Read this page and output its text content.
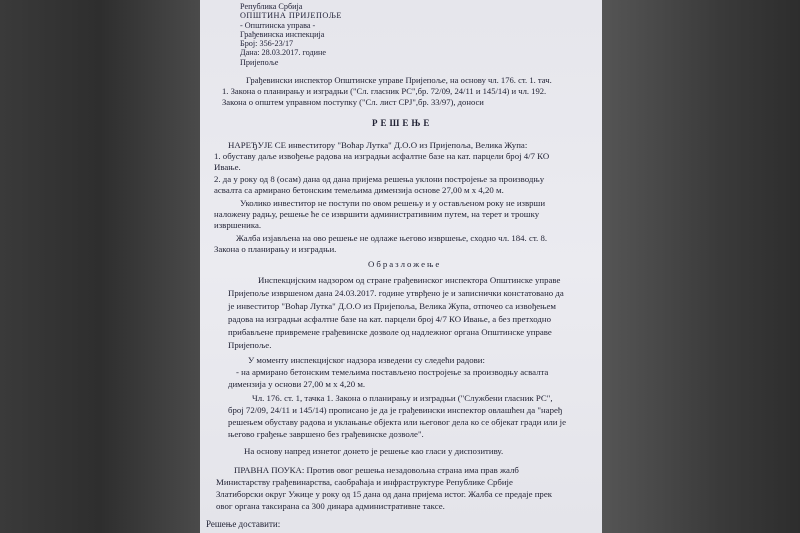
Република Србија
ОПШТИНА ПРИЈЕПОЉЕ
- Општинска управа -
Грађевинска инспекција
Број: 356-23/17
Дана: 28.03.2017. године
Пријепоље
Грађевински инспектор Општинске управе Пријепоље, на основу чл. 176. ст. 1. тач.
1. Закона о планирању и изградњи ("Сл. гласник РС",бр. 72/09, 24/11 и 145/14) и чл. 192.
Закона о општем управном поступку ("Сл. лист СРЈ",бр. 33/97), доноси
РЕШЕЊЕ
НАРЕЂУЈЕ СЕ инвеститору "Воћар Лутка" Д.О.О из Пријепоља, Велика Жупа:
1. обуставу даље извођење радова на изградњи асфалтне базе на кат. парцели број 4/7 КО
Ивање.
2. да у року од 8 (осам) дана од дана пријема решења уклони постројење за производњу
асвалта са армирано бетонским темељима димензија основе 27,00 м х 4,20 м.
Уколико инвеститор не поступи по овом решењу и у остављеном року не изврши
наложену радњу, решење ће се извршити административним путем, на терет и трошку
извршеника.
Жалба изјављена на ово решење не одлаже његово извршење, сходно чл. 184. ст. 8.
Закона о планирању и изградњи.
Образложење
Инспекцијским надзором од стране грађевинског инспектора Општинске управе
Пријепоље извршеном дана 24.03.2017. године утврђено је и записнички констатовано да
је инвеститор "Воћар Лутка" Д.О.О из Пријепоља, Велика Жупа, отпочео са извођењем
радова на изградњи асфалтне базе на кат. парцели број 4/7 КО Ивање, а без претходно
прибављене привремене грађевинске дозволе од надлежног органа Општинске управе
Пријепоље.
У моменту инспекцијског надзора изведени су следећи радови:
- на армирано бетонским темељима постављено постројење за производњу асвалта
димензија у основи 27,00 м х 4,20 м.
Чл. 176. ст. 1, тачка 1. Закона о планирању и изградњи ("Службени гласник РС",
број 72/09, 24/11 и 145/14) прописано је да је грађевински инспектор овлашћен да "наређ
решењем обуставу радова и уклањање објекта или његовог дела ко се објекат гради или је
његово грађење завршено без грађевинске дозволе".
На основу напред изнетог донето је решење као гласи у диспозитиву.
ПРАВНА ПОУКА: Против овог решења незадовољна страна има прав жалб
Министарству грађевинарства, саобраћаја и инфраструктуре Републике Србије
Златиборски округ Ужице у року од 15 дана од дана пријема истог. Жалба се предаје прек
овог органа таксирана са 300 динара административне таксе.
Решење доставити:
